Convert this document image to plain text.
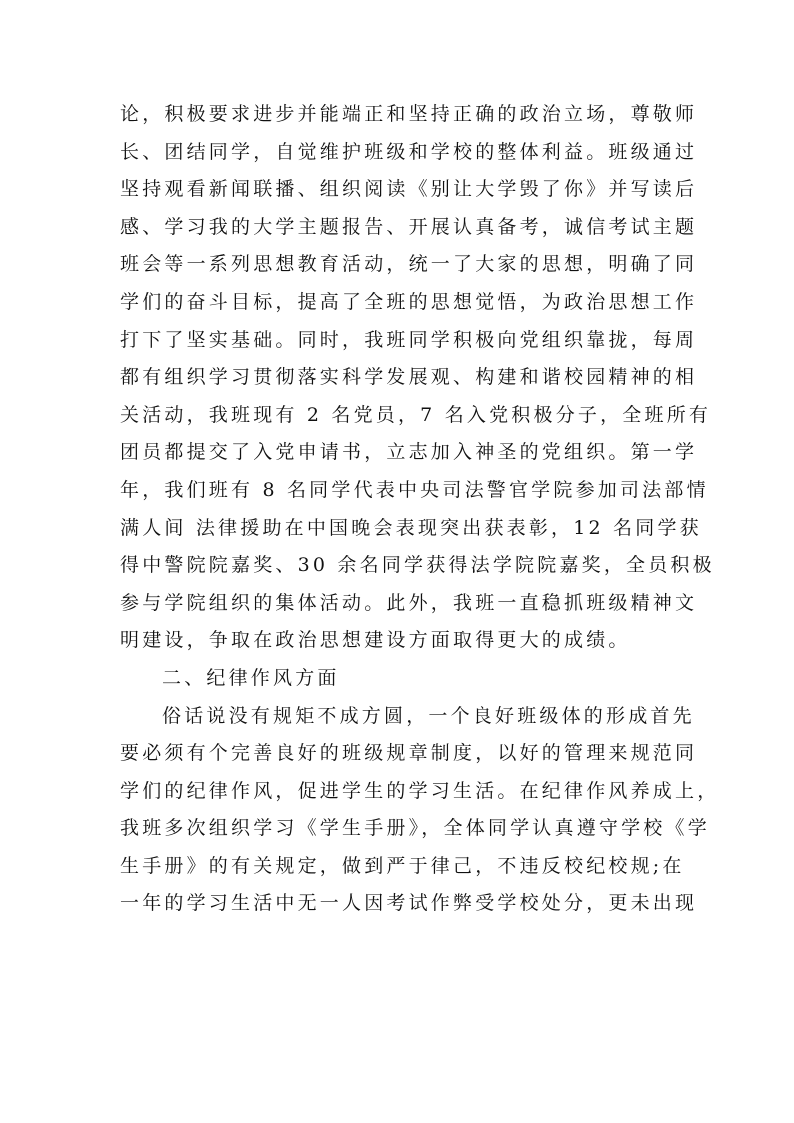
论，积极要求进步并能端正和坚持正确的政治立场，尊敬师
长、团结同学，自觉维护班级和学校的整体利益。班级通过
坚持观看新闻联播、组织阅读《别让大学毁了你》并写读后
感、学习我的大学主题报告、开展认真备考，诚信考试主题
班会等一系列思想教育活动，统一了大家的思想，明确了同
学们的奋斗目标，提高了全班的思想觉悟，为政治思想工作
打下了坚实基础。同时，我班同学积极向党组织靠拢，每周
都有组织学习贯彻落实科学发展观、构建和谐校园精神的相
关活动，我班现有 2 名党员，7 名入党积极分子，全班所有
团员都提交了入党申请书，立志加入神圣的党组织。第一学
年，我们班有 8 名同学代表中央司法警官学院参加司法部情
满人间 法律援助在中国晚会表现突出获表彰，12 名同学获
得中警院院嘉奖、30 余名同学获得法学院院嘉奖，全员积极
参与学院组织的集体活动。此外，我班一直稳抓班级精神文
明建设，争取在政治思想建设方面取得更大的成绩。
二、纪律作风方面
俗话说没有规矩不成方圆，一个良好班级体的形成首先
要必须有个完善良好的班级规章制度，以好的管理来规范同
学们的纪律作风，促进学生的学习生活。在纪律作风养成上，
我班多次组织学习《学生手册》，全体同学认真遵守学校《学
生手册》的有关规定，做到严于律己，不违反校纪校规;在
一年的学习生活中无一人因考试作弊受学校处分，更未出现
